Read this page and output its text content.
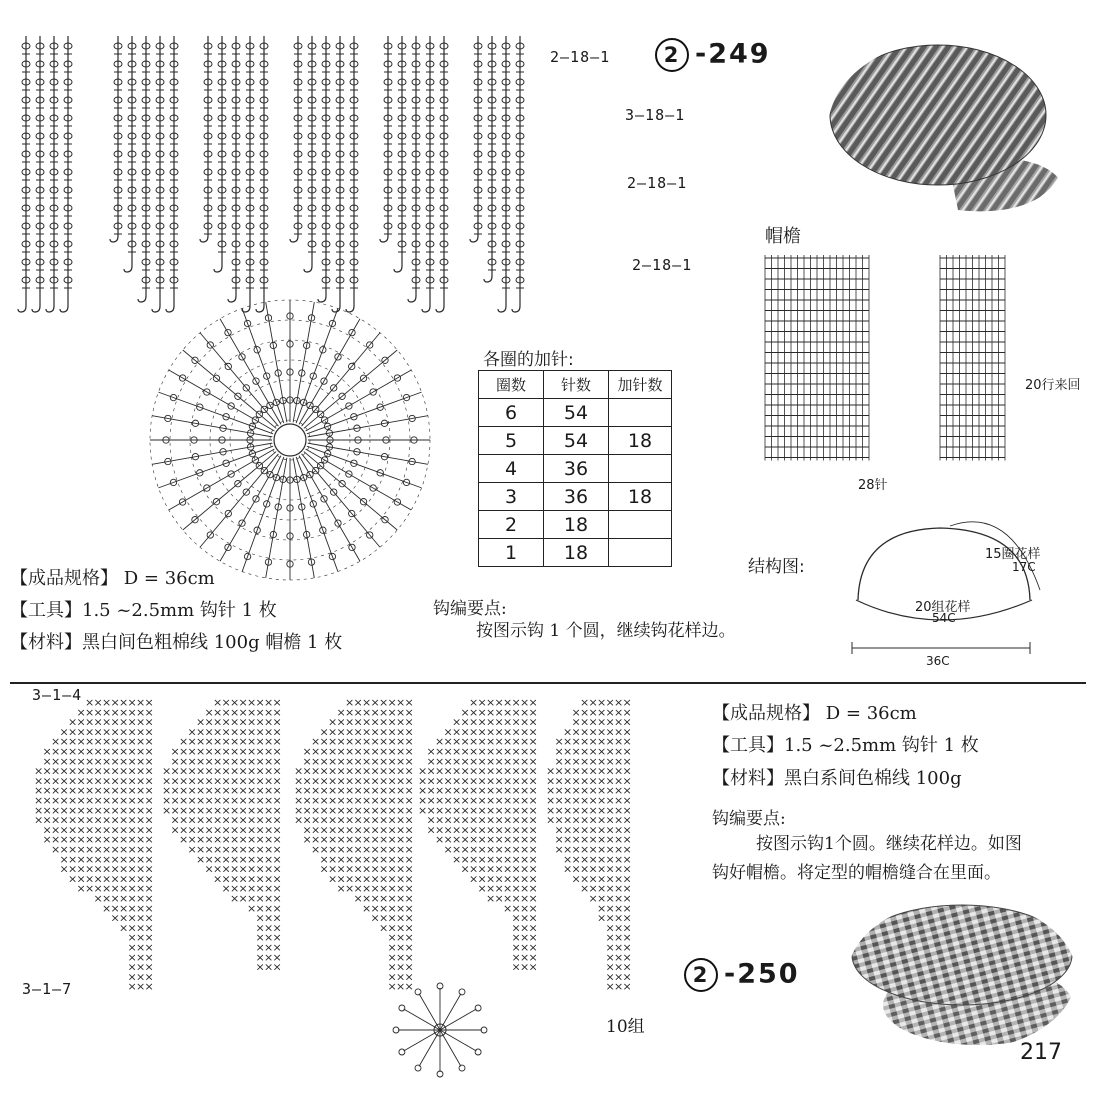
× × × × × × × ×
× × × × × × × × ×
× × × × × × × × × ×
× × × × × × × × × × ×
× × × × × × × × × × × ×
× × × × × × × × × × × × ×
× × × × × × × × × × × × ×
× × × × × × × × × × × × × ×
× × × × × × × × × × × × × ×
× × × × × × × × × × × × × ×
× × × × × × × × × × × × × ×
× × × × × × × × × × × × × ×
× × × × × × × × × × × × × ×
× × × × × × × × × × × × ×
× × × × × × × × × × × × ×
× × × × × × × × × × × ×
× × × × × × × × × × ×
× × × × × × × × × × ×
× × × × × × × × × ×
× × × × × × × × ×
× × × × × × ×
× × × × × ×
× × × × ×
× × × ×
× × ×
× × ×
× × ×
× × ×
× × ×
× × ×
× × × × × × × ×
× × × × × × × × ×
× × × × × × × × × ×
× × × × × × × × × × ×
× × × × × × × × × × × ×
× × × × × × × × × × × × ×
× × × × × × × × × × × × ×
× × × × × × × × × × × × × ×
× × × × × × × × × × × × × ×
× × × × × × × × × × × × × ×
× × × × × × × × × × × × × ×
× × × × × × × × × × × × × ×
× × × × × × × × × × × × ×
× × × × × × × × × × × × ×
× × × × × × × × × × × ×
× × × × × × × × × × ×
× × × × × × × × × ×
× × × × × × × × ×
× × × × × × × ×
× × × × × × ×
× × × × × ×
× × × ×
× × ×
× × ×
× × ×
× × ×
× × ×
× × ×
× × × × × × × ×
× × × × × × × × ×
× × × × × × × × × ×
× × × × × × × × × × ×
× × × × × × × × × × × ×
× × × × × × × × × × × × ×
× × × × × × × × × × × × ×
× × × × × × × × × × × × × ×
× × × × × × × × × × × × × ×
× × × × × × × × × × × × × ×
× × × × × × × × × × × × × ×
× × × × × × × × × × × × × ×
× × × × × × × × × × × × × ×
× × × × × × × × × × × × ×
× × × × × × × × × × × × ×
× × × × × × × × × × × ×
× × × × × × × × × × ×
× × × × × × × × × × ×
× × × × × × × × × ×
× × × × × × × × ×
× × × × × × ×
× × × × × ×
× × × × ×
× × × ×
× × ×
× × ×
× × ×
× × ×
× × ×
× × ×
× × × × × × × ×
× × × × × × × × ×
× × × × × × × × × ×
× × × × × × × × × × ×
× × × × × × × × × × × ×
× × × × × × × × × × × × ×
× × × × × × × × × × × × ×
× × × × × × × × × × × × × ×
× × × × × × × × × × × × × ×
× × × × × × × × × × × × × ×
× × × × × × × × × × × × × ×
× × × × × × × × × × × × × ×
× × × × × × × × × × × × ×
× × × × × × × × × × × × ×
× × × × × × × × × × × ×
× × × × × × × × × × ×
× × × × × × × × × ×
× × × × × × × × ×
× × × × × × × ×
× × × × × × ×
× × × × × ×
× × × ×
× × ×
× × ×
× × ×
× × ×
× × ×
× × ×
× × × × × ×
× × × × × × ×
× × × × × × ×
× × × × × × × ×
× × × × × × × × ×
× × × × × × × × ×
× × × × × × × × ×
× × × × × × × × × ×
× × × × × × × × × ×
× × × × × × × × × ×
× × × × × × × × × ×
× × × × × × × × × ×
× × × × × × × × × ×
× × × × × × × × ×
× × × × × × × × ×
× × × × × × × × ×
× × × × × × × ×
× × × × × × × ×
× × × × × × ×
× × × × × ×
× × × × ×
× × × ×
× × × ×
× × ×
× × ×
× × ×
× × ×
× × ×
× × ×
× × ×
2—18—1	2 -249
3—18—1
2—18—1
2—18—1
帽檐
20行来回
28针
各圈的加针:
圈数	针数	加针数
6	54	
5	54	18
4	36	
3	36	18
2	18	
1	18	
结构图:
15圈花样
17C
20组花样
54C
36C
【成品规格】 D = 36cm
【工具】1.5 ~2.5mm 钩针 1 枚
【材料】黑白间色粗棉线 100g 帽檐 1 枚
钩编要点:
按图示钩 1 个圆，继续钩花样边。
3—1—4
3—1—7
10组
【成品规格】 D = 36cm
【工具】1.5 ~2.5mm 钩针 1 枚
【材料】黑白系间色棉线 100g
钩编要点:
按图示钩1个圆。继续花样边。如图
钩好帽檐。将定型的帽檐缝合在里面。
2 -250
217
